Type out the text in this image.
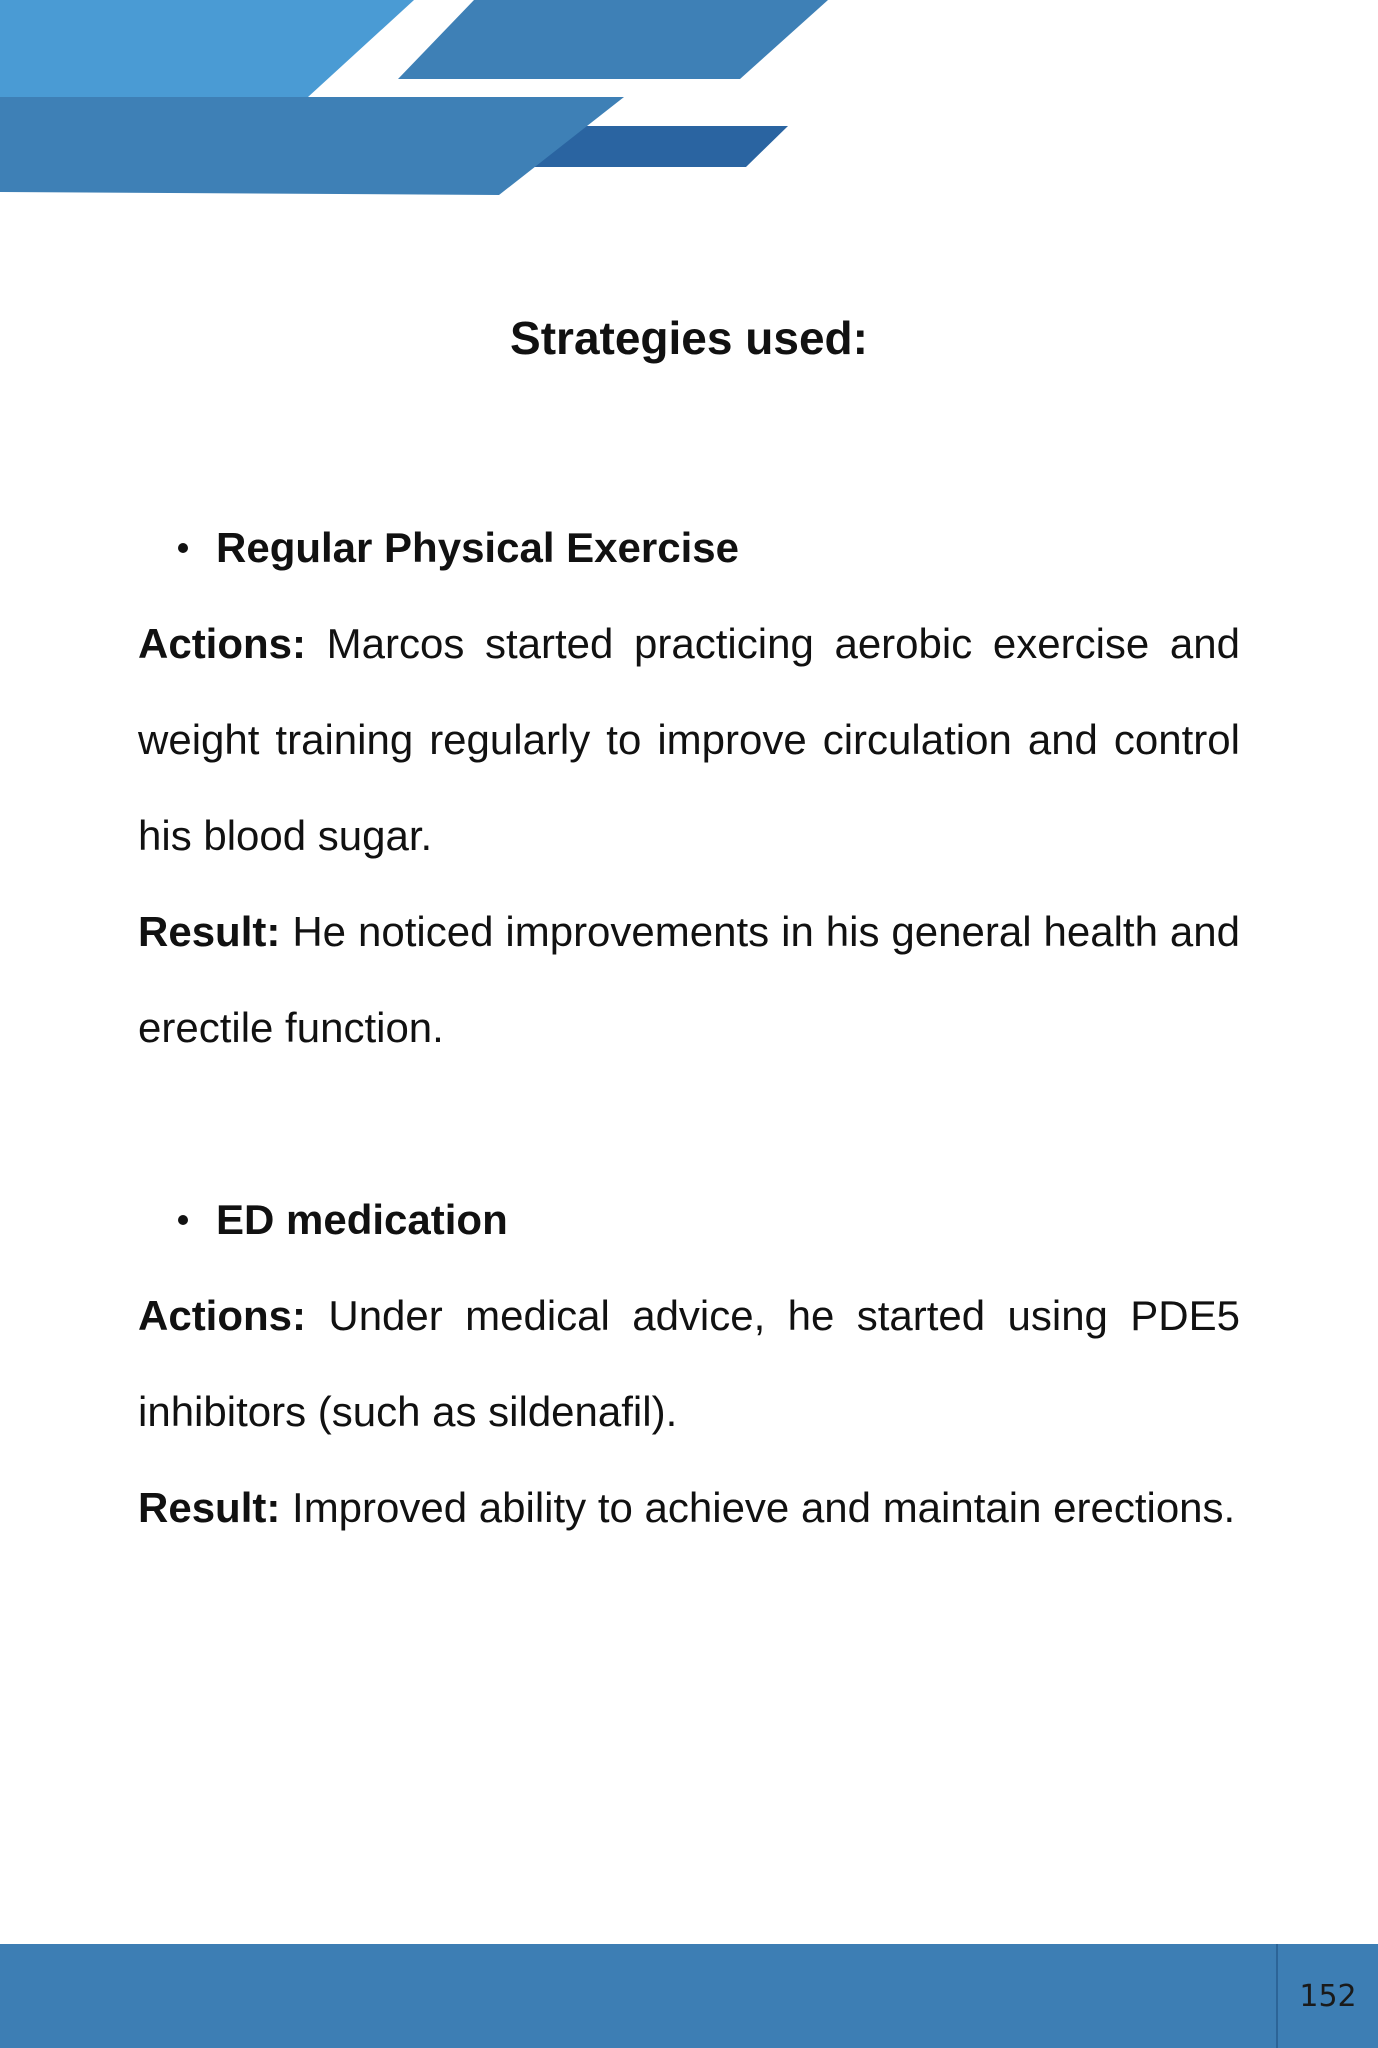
Strategies used:
Regular Physical Exercise

Actions: Marcos started practicing aerobic exercise and weight training regularly to improve circulation and control his blood sugar.

Result: He noticed improvements in his general health and erectile function.

ED medication

Actions: Under medical advice, he started using PDE5 inhibitors (such as sildenafil).

Result: Improved ability to achieve and maintain erections.

152
